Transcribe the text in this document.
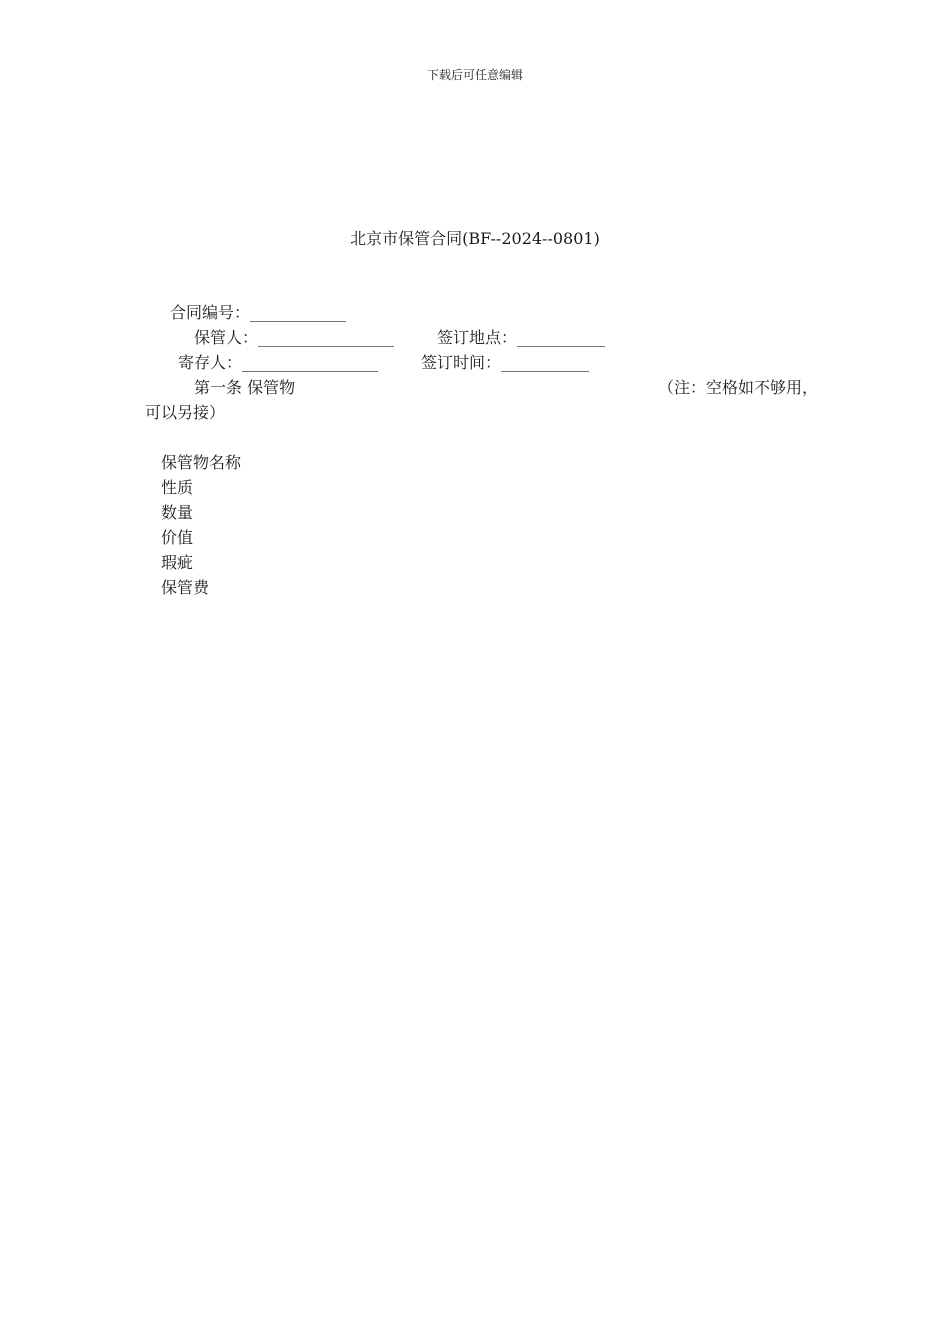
下载后可任意编辑
北京市保管合同(BF--2024--0801)
合同编号：____________
保管人：_________________	签订地点：___________
寄存人：_________________	签订时间：___________
第一条 保管物	（注：空格如不够用，
可以另接）
保管物名称
性质
数量
价值
瑕疵
保管费
